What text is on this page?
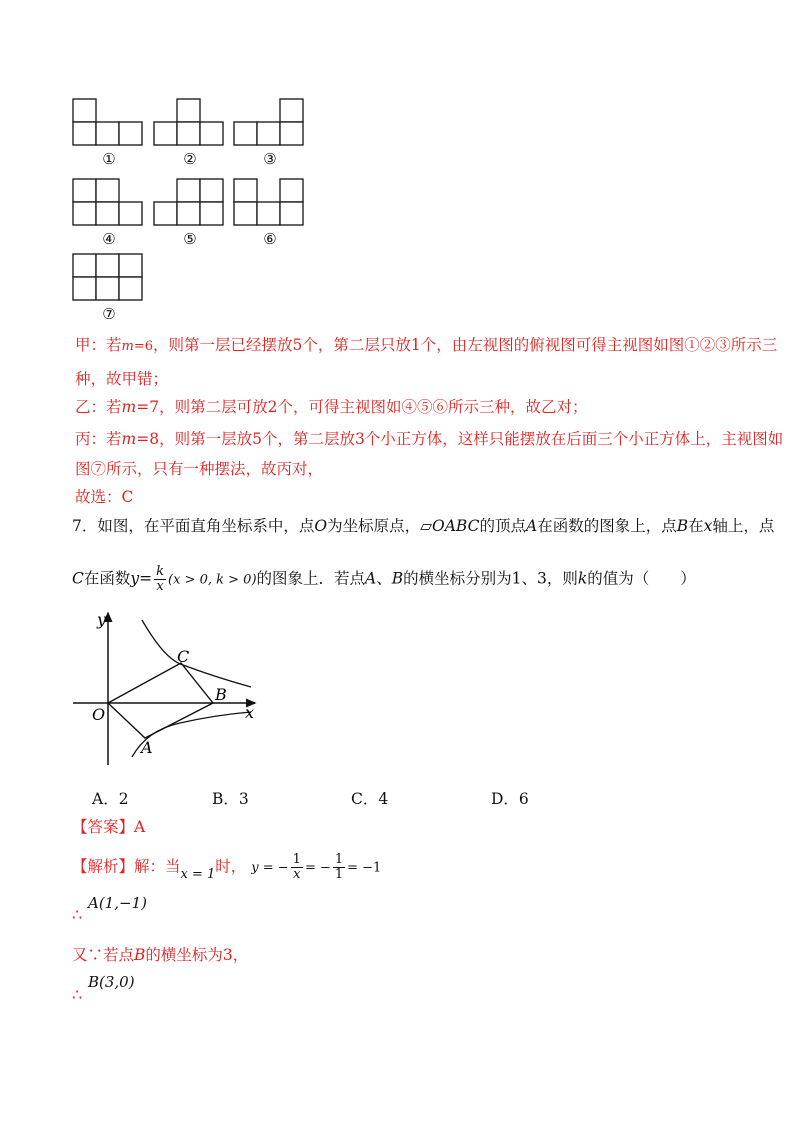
①	②	③
④	⑤	⑥
⑦
甲：若m=6，则第一层已经摆放5个，第二层只放1个，由左视图的俯视图可得主视图如图①②③所示三
种，故甲错；
乙：若m=7，则第二层可放2个，可得主视图如④⑤⑥所示三种，故乙对；
丙：若m=8，则第一层放5个，第二层放3个小正方体，这样只能摆放在后面三个小正方体上，主视图如
图⑦所示，只有一种摆法，故丙对，
故选：C
7．如图，在平面直角坐标系中，点O为坐标原点，▱OABC的顶点A在函数的图象上，点B在x轴上，点
C在函数$y= \frac{k}{x} (x > 0$, k > 0)的图象上．若点A、B的横坐标分别为1、3，则k的值为（　　）
y
x
O
A
B
C
A．2	B．3	C．4	D．6
【答案】A
【解析】解：当$_{x = 1}$时， y = − $\frac{1}{x}$ = − $\frac{1}{1} = -1$
∴
A(1,−1)
又∵若点B的横坐标为3，
∴
B(3,0)
